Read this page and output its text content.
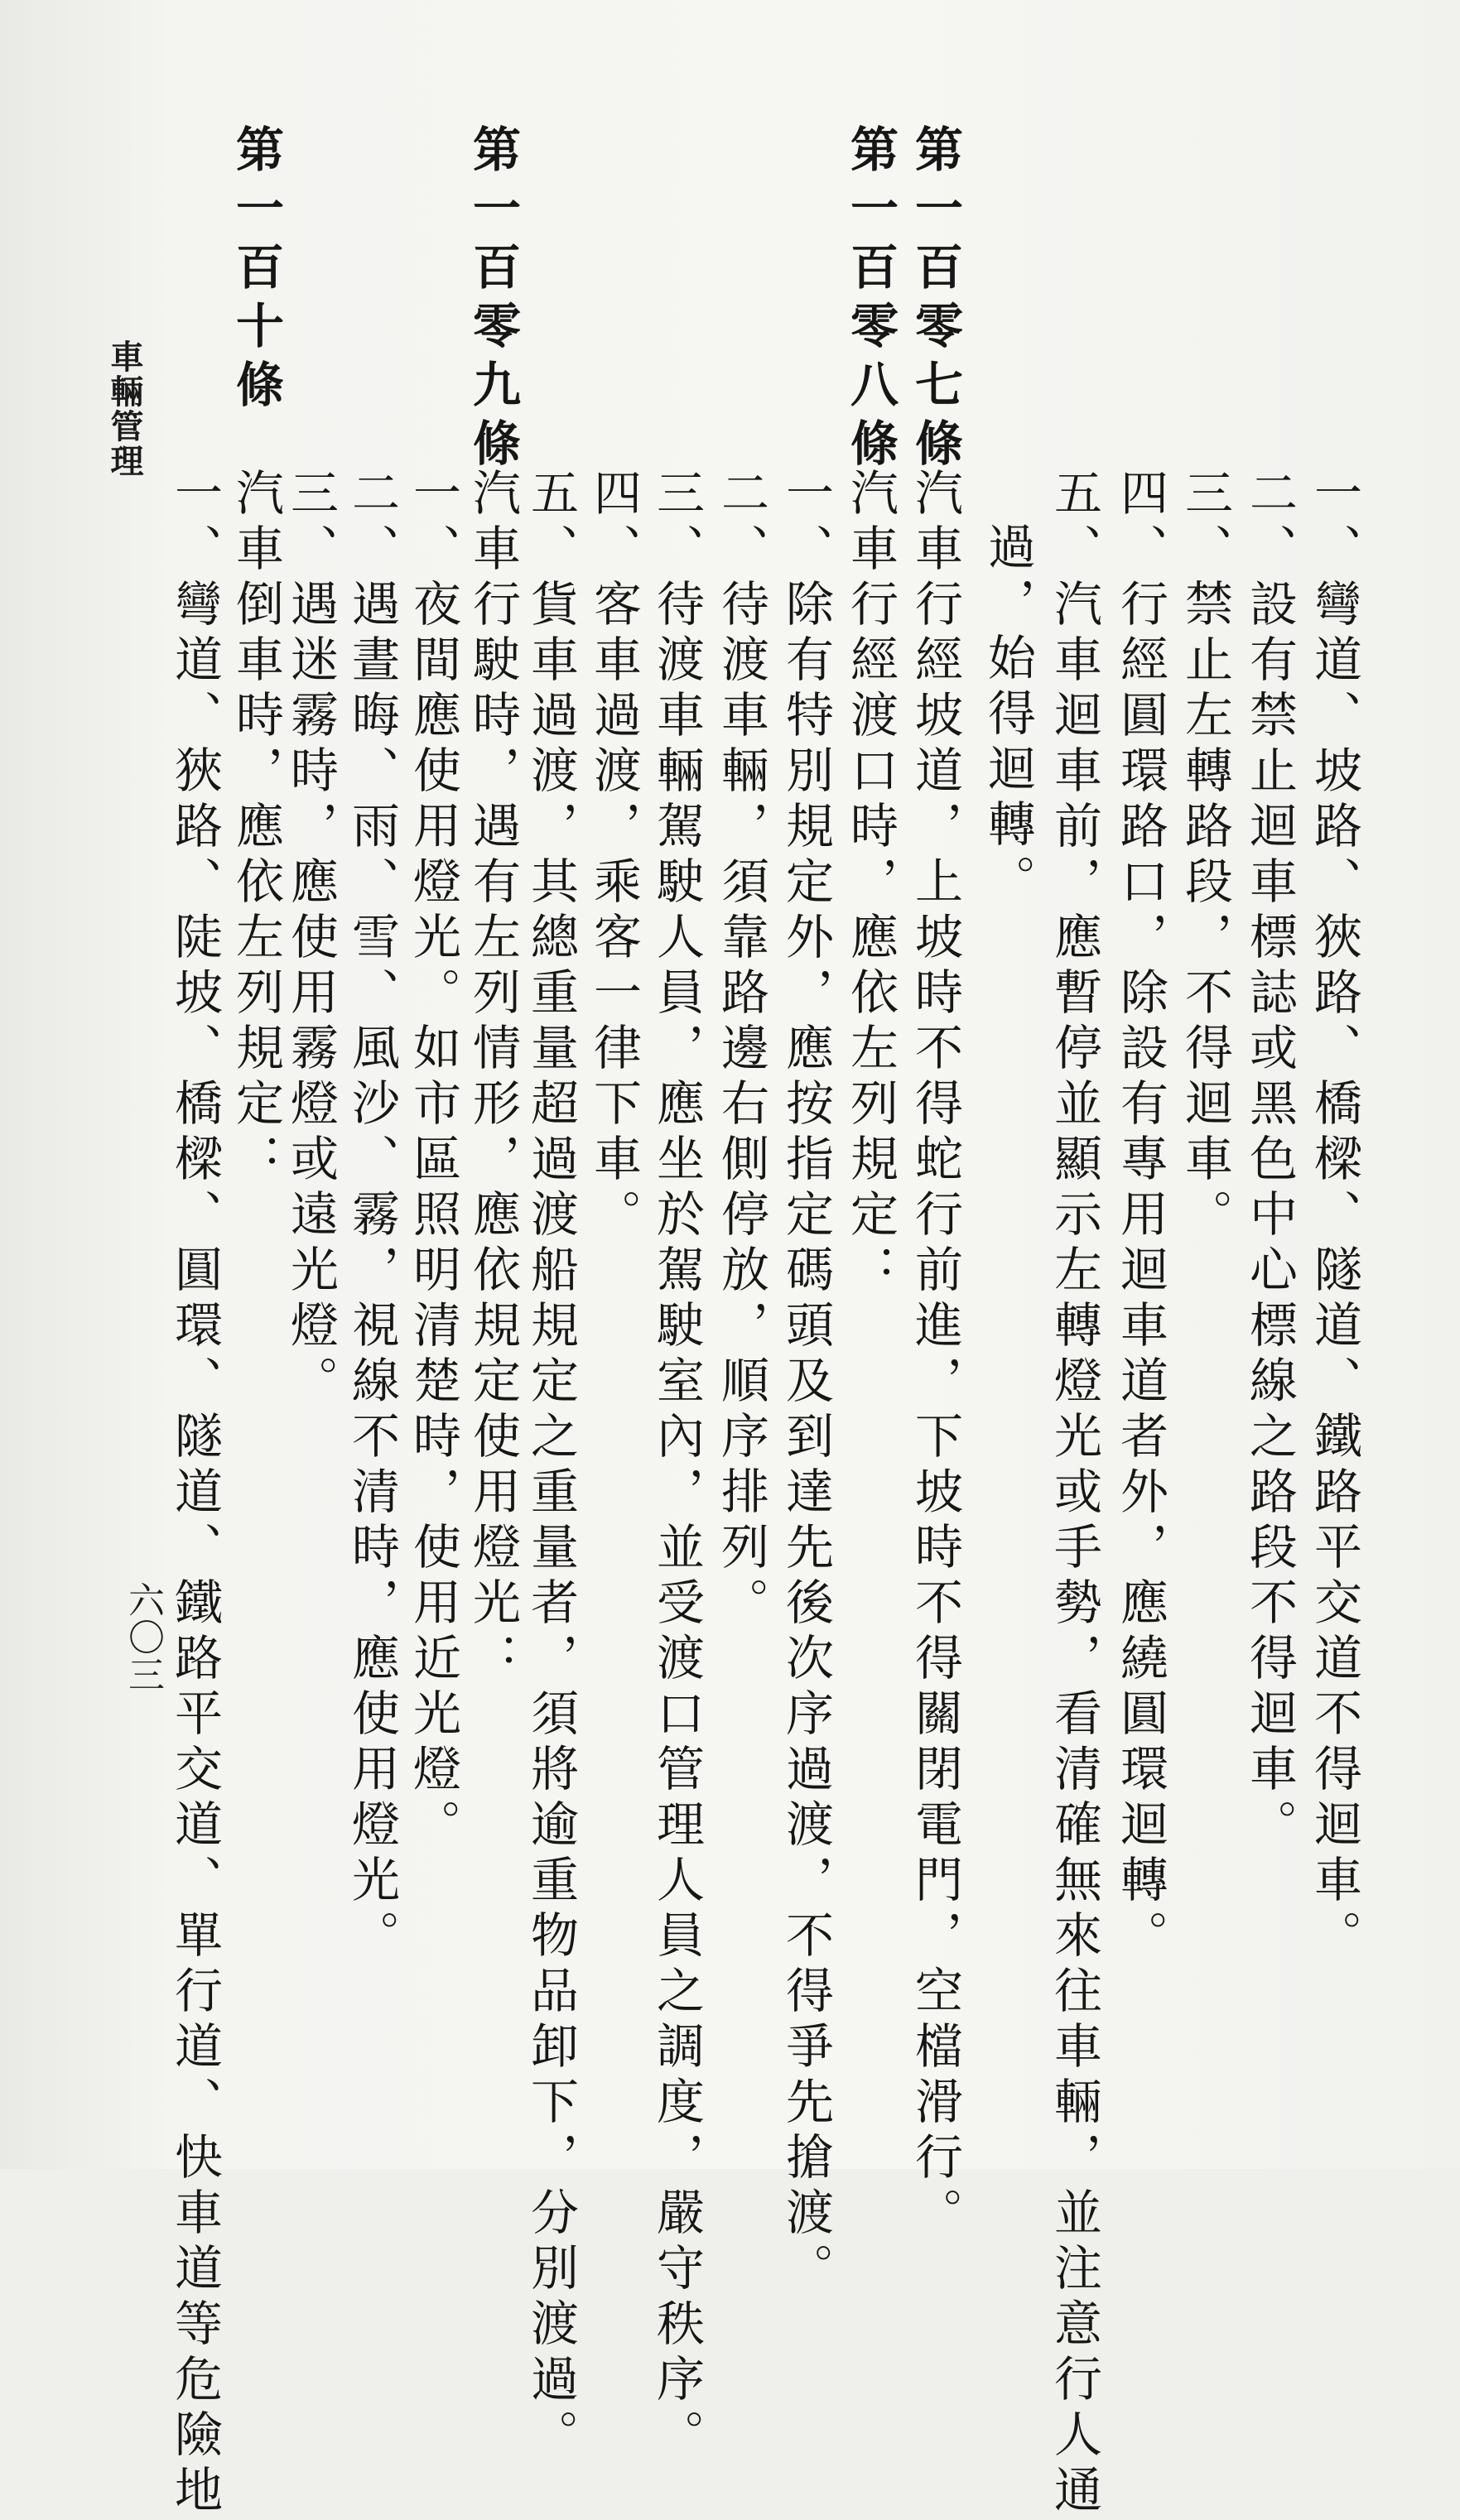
一、彎道、坡路、狹路、橋樑、隧道、鐵路平交道不得迴車。
二、設有禁止迴車標誌或黑色中心標線之路段不得迴車。
三、禁止左轉路段，不得迴車。
四、行經圓環路口，除設有專用迴車道者外，應繞圓環迴轉。
五、汽車迴車前，應暫停並顯示左轉燈光或手勢，看清確無來往車輛，並注意行人通
過，始得迴轉。
第一百零七條
汽車行經坡道，上坡時不得蛇行前進，下坡時不得關閉電門，空檔滑行。
第一百零八條
汽車行經渡口時，應依左列規定：
一、除有特別規定外，應按指定碼頭及到達先後次序過渡，不得爭先搶渡。
二、待渡車輛，須靠路邊右側停放，順序排列。
三、待渡車輛駕駛人員，應坐於駕駛室內，並受渡口管理人員之調度，嚴守秩序。
四、客車過渡，乘客一律下車。
五、貨車過渡，其總重量超過渡船規定之重量者，須將逾重物品卸下，分別渡過。
第一百零九條
汽車行駛時，遇有左列情形，應依規定使用燈光：
一、夜間應使用燈光。如市區照明清楚時，使用近光燈。
二、遇晝晦、雨、雪、風沙、霧，視線不清時，應使用燈光。
三、遇迷霧時，應使用霧燈或遠光燈。
第一百十條
汽車倒車時，應依左列規定：
一、彎道、狹路、陡坡、橋樑、圓環、隧道、鐵路平交道、單行道、快車道等危險地
車輛管理
六〇三
